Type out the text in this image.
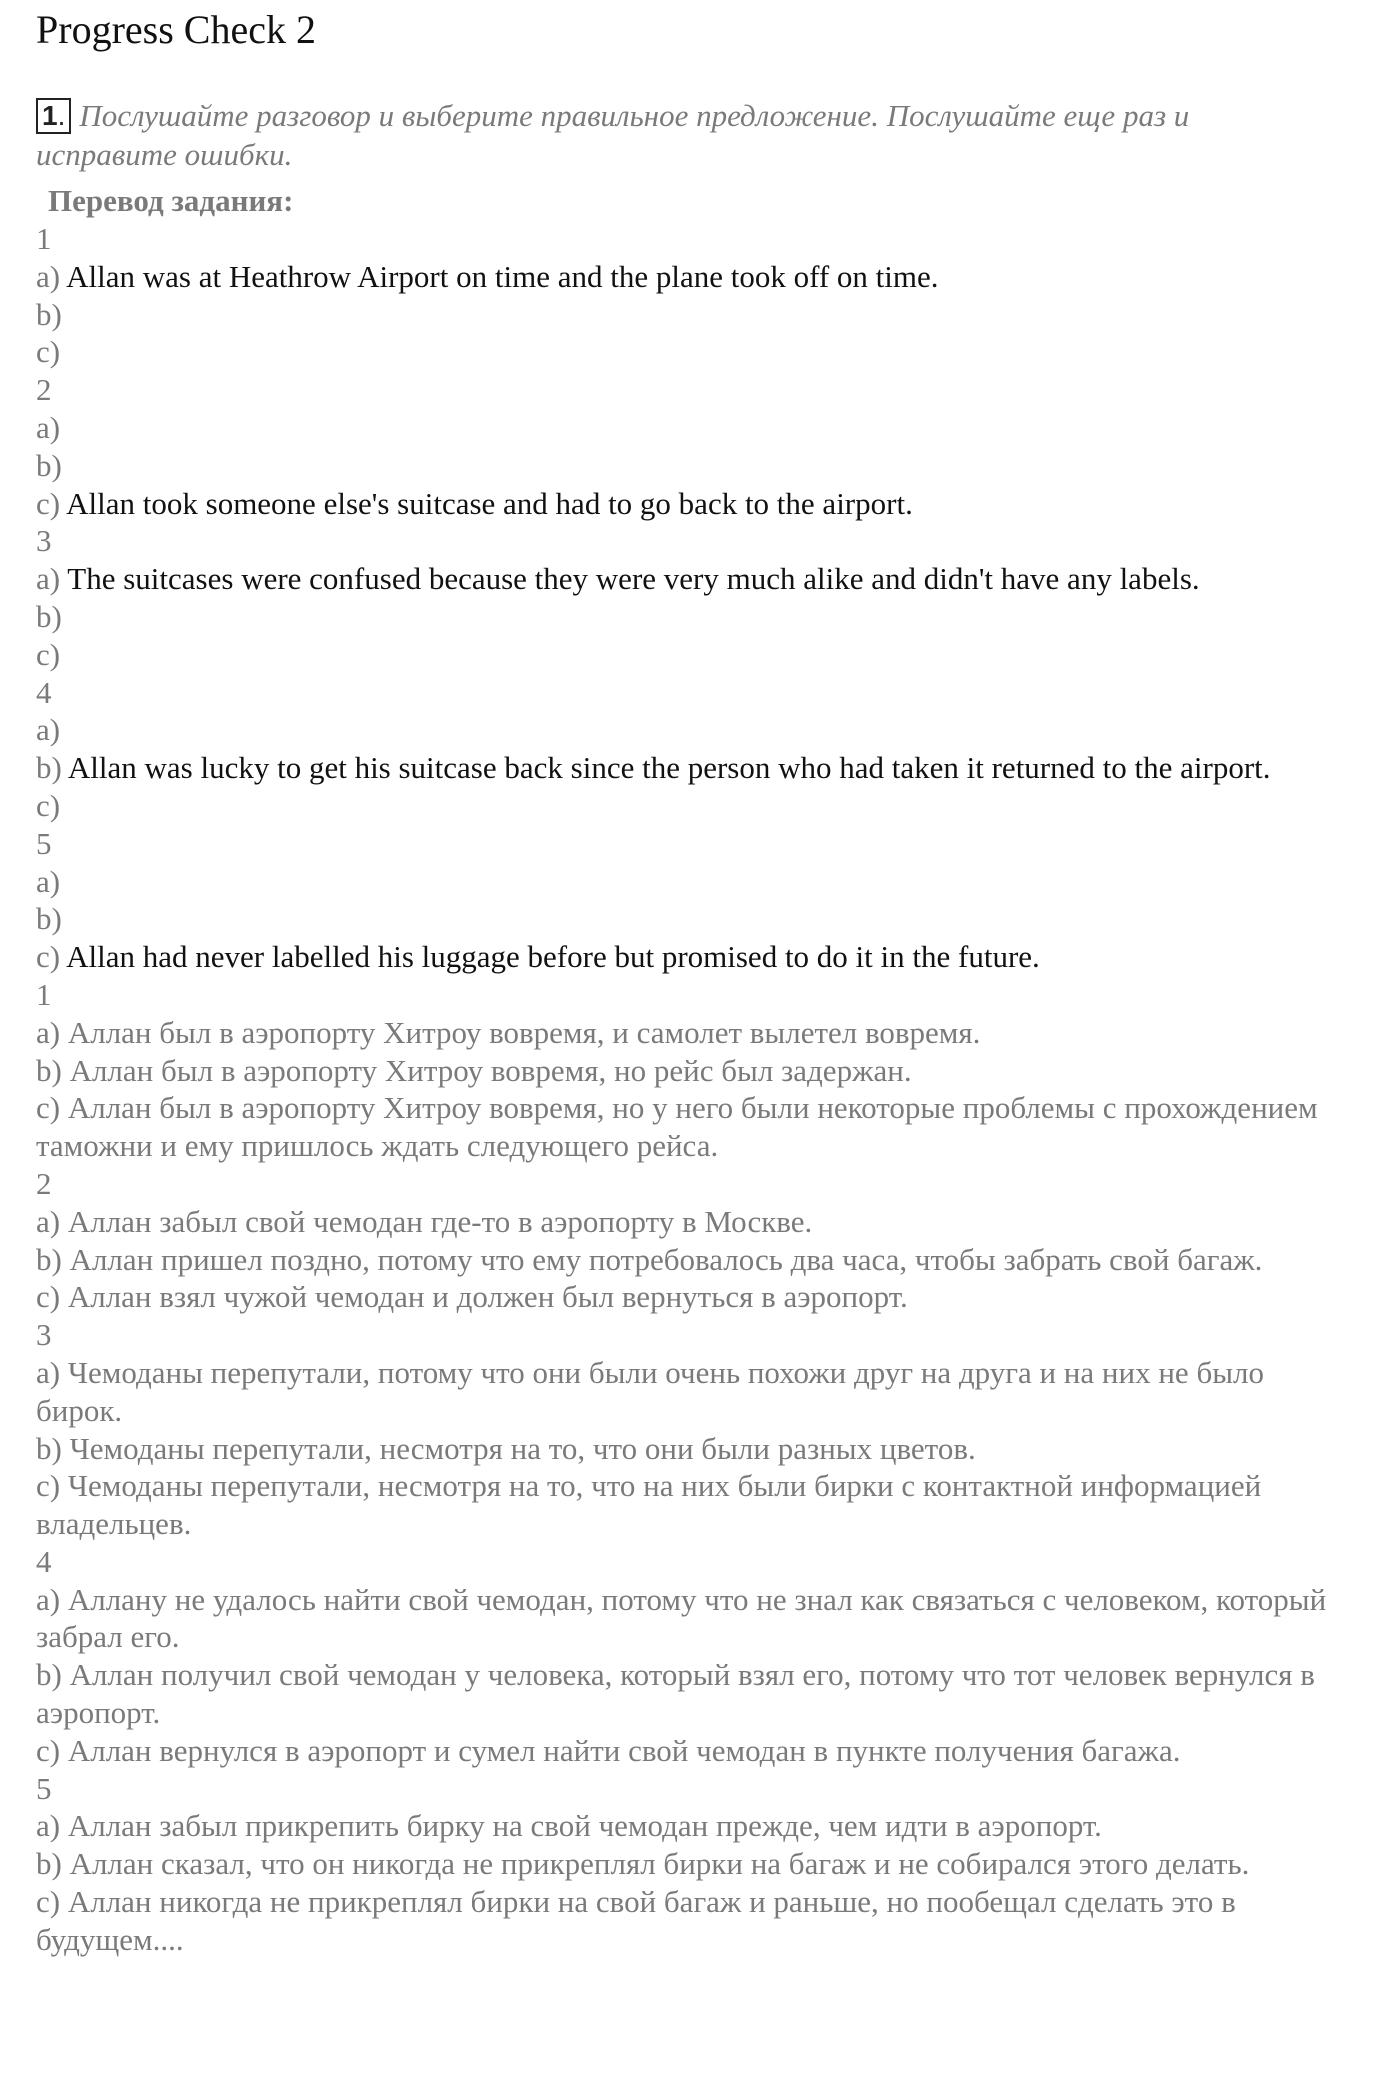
Progress Check 2

1. Послушайте разговор и выберите правильное предложение. Послушайте еще раз и исправите ошибки.

Перевод задания:
1
a) Allan was at Heathrow Airport on time and the plane took off on time.
b)
c)
2
a)
b)
c) Allan took someone else's suitcase and had to go back to the airport.
3
a) The suitcases were confused because they were very much alike and didn't have any labels.
b)
c)
4
a)
b) Allan was lucky to get his suitcase back since the person who had taken it returned to the airport.
c)
5
a)
b)
c) Allan had never labelled his luggage before but promised to do it in the future.
1
a) Аллан был в аэропорту Хитроу вовремя, и самолет вылетел вовремя.
b) Аллан был в аэропорту Хитроу вовремя, но рейс был задержан.
c) Аллан был в аэропорту Хитроу вовремя, но у него были некоторые проблемы с прохождением таможни и ему пришлось ждать следующего рейса.
2
a) Аллан забыл свой чемодан где-то в аэропорту в Москве.
b) Аллан пришел поздно, потому что ему потребовалось два часа, чтобы забрать свой багаж.
c) Аллан взял чужой чемодан и должен был вернуться в аэропорт.
3
a) Чемоданы перепутали, потому что они были очень похожи друг на друга и на них не было бирок.
b) Чемоданы перепутали, несмотря на то, что они были разных цветов.
c) Чемоданы перепутали, несмотря на то, что на них были бирки с контактной информацией владельцев.
4
a) Аллану не удалось найти свой чемодан, потому что не знал как связаться с человеком, который забрал его.
b) Аллан получил свой чемодан у человека, который взял его, потому что тот человек вернулся в аэропорт.
c) Аллан вернулся в аэропорт и сумел найти свой чемодан в пункте получения багажа.
5
a) Аллан забыл прикрепить бирку на свой чемодан прежде, чем идти в аэропорт.
b) Аллан сказал, что он никогда не прикреплял бирки на багаж и не собирался этого делать.
c) Аллан никогда не прикреплял бирки на свой багаж и раньше, но пообещал сделать это в будущем....
